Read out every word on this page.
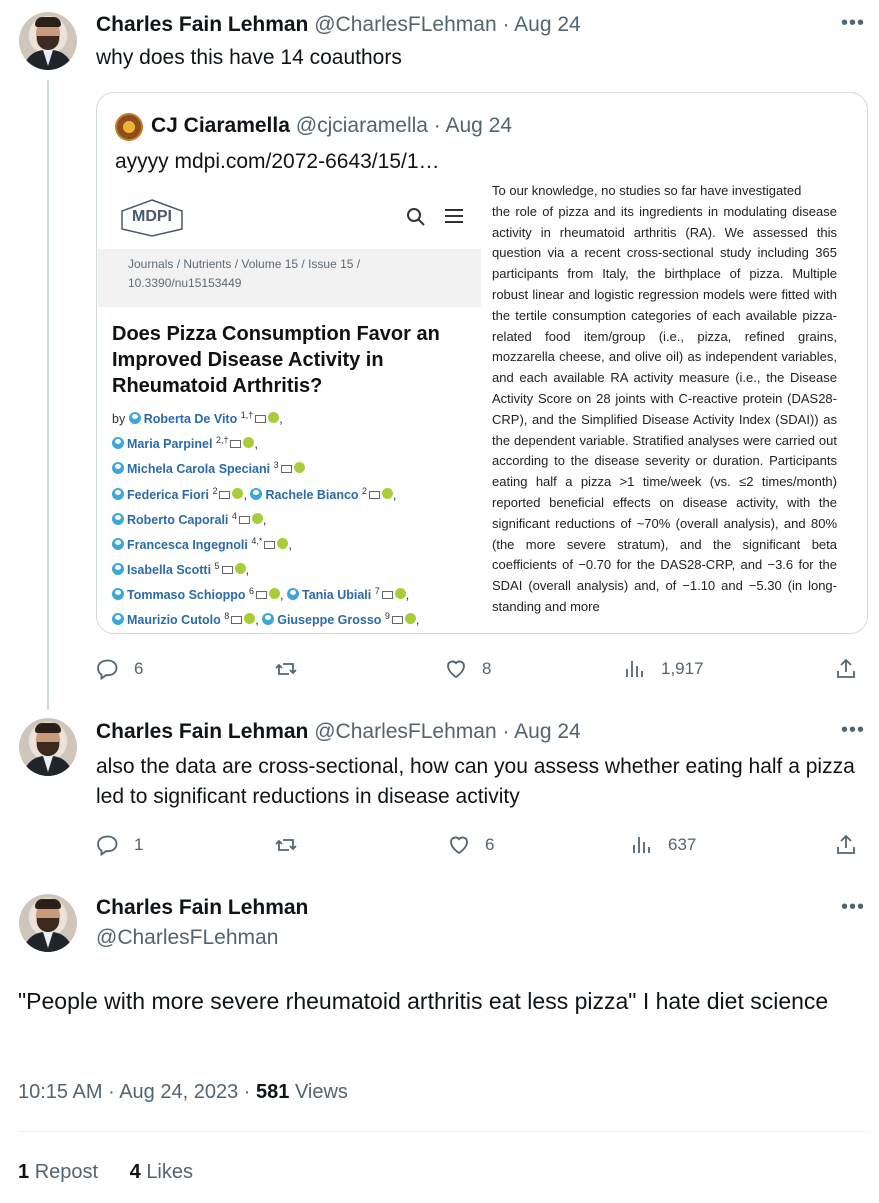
Charles Fain Lehman @CharlesFLehman · Aug 24	•••
why does this have 14 coauthors
CJ Ciaramella @cjciaramella · Aug 24
ayyyy mdpi.com/2072-6643/15/1…
MDPI
Journals / Nutrients / Volume 15 / Issue 15 /
10.3390/nu15153449
Does Pizza Consumption Favor an Improved Disease Activity in Rheumatoid Arthritis?
by Roberta De Vito $^{1,\dagger}$ ,
Maria Parpinel $^{2,\dagger}$ ,
Michela Carola Speciani $^3$
Federica Fiori $^2$ , Rachele Bianco $^2$ ,
Roberto Caporali $^4$ ,
Francesca Ingegnoli $^{4,*}$ ,
Isabella Scotti $^5$ ,
Tommaso Schioppo $^6$ , Tania Ubiali $^7$ ,
Maurizio Cutolo $^8$ , Giuseppe Grosso $^9$ ,

To our knowledge, no studies so far have investigated
the role of pizza and its ingredients in modulating disease activity in rheumatoid arthritis (RA). We assessed this question via a recent cross-sectional study including 365 participants from Italy, the birthplace of pizza. Multiple robust linear and logistic regression models were fitted with the tertile consumption categories of each available pizza-related food item/group (i.e., pizza, refined grains, mozzarella cheese, and olive oil) as independent variables, and each available RA activity measure (i.e., the Disease Activity Score on 28 joints with C-reactive protein (DAS28-CRP), and the Simplified Disease Activity Index (SDAI)) as the dependent variable. Stratified analyses were carried out according to the disease severity or duration. Participants eating half a pizza >1 time/week (vs. ≤2 times/month) reported beneficial effects on disease activity, with the significant reductions of ~70% (overall analysis), and 80% (the more severe stratum), and the significant beta coefficients of −0.70 for the DAS28-CRP, and −3.6 for the SDAI (overall analysis) and, of −1.10 and −5.30 (in long-standing and more
6	8	1,917
Charles Fain Lehman @CharlesFLehman · Aug 24	•••
also the data are cross-sectional, how can you assess whether eating half a pizza led to significant reductions in disease activity
1	6	637
Charles Fain Lehman
@CharlesFLehman
•••
"People with more severe rheumatoid arthritis eat less pizza" I hate diet science
10:15 AM · Aug 24, 2023 · 581 Views
1 Repost 4 Likes
